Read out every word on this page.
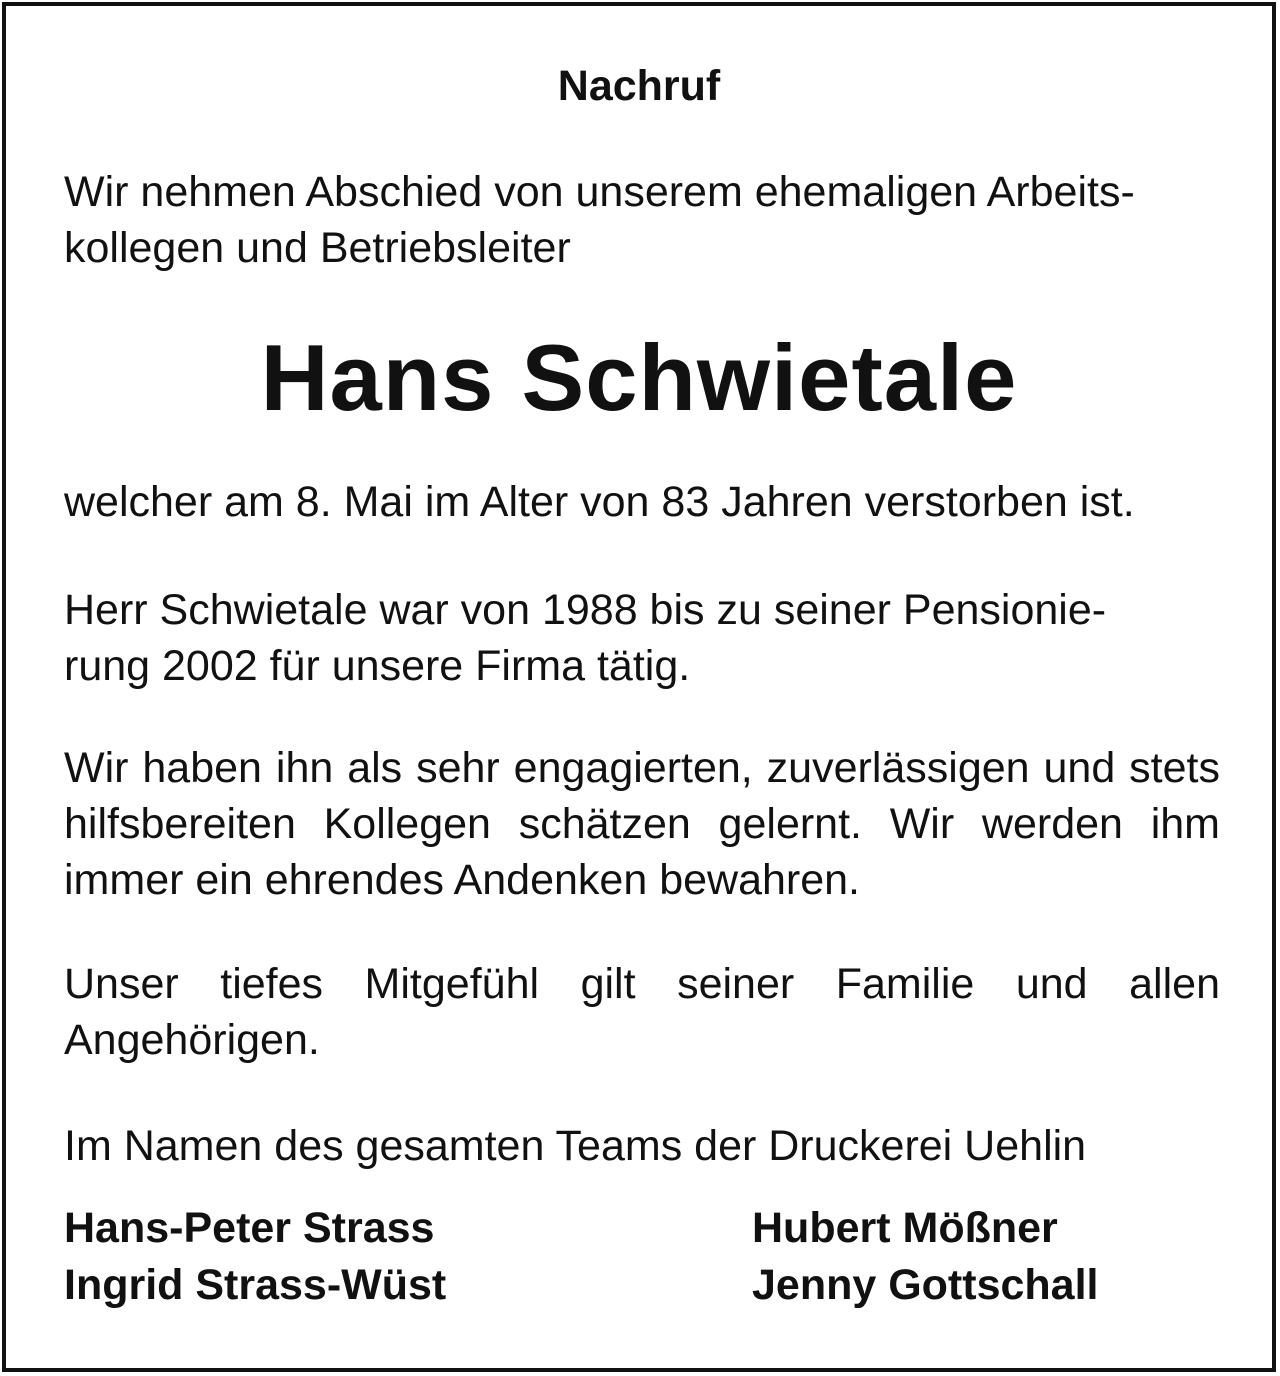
Nachruf
Wir nehmen Abschied von unserem ehemaligen Arbeits-
kollegen und Betriebsleiter
Hans Schwietale
welcher am 8. Mai im Alter von 83 Jahren verstorben ist.
Herr Schwietale war von 1988 bis zu seiner Pensionie-
rung 2002 für unsere Firma tätig.
Wir haben ihn als sehr engagierten, zuverlässigen und stets hilfsbereiten Kollegen schätzen gelernt. Wir werden ihm immer ein ehrendes Andenken bewahren.
Unser tiefes Mitgefühl gilt seiner Familie und allen Angehörigen.
Im Namen des gesamten Teams der Druckerei Uehlin
Hans-Peter Strass
Ingrid Strass-Wüst
Hubert Mößner
Jenny Gottschall
